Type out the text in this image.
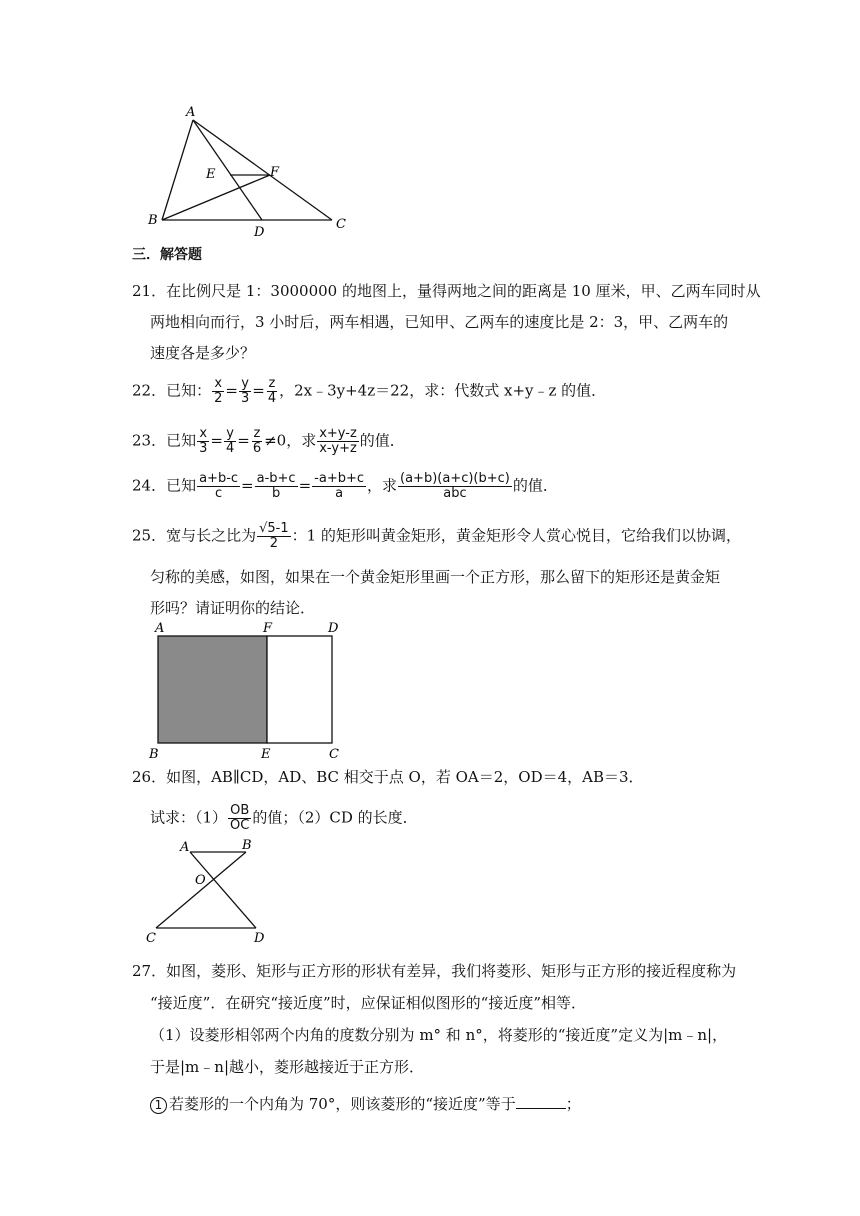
A
B	C
D
E	F
三．解答题
21．在比例尺是 1：3000000 的地图上，量得两地之间的距离是 10 厘米，甲、乙两车同时从
两地相向而行，3 小时后，两车相遇，已知甲、乙两车的速度比是 2：3，甲、乙两车的
速度各是多少？
22．已知： $\frac{x}{2} = \frac{y}{3} = \frac{z}{4}$ ，2x﹣3y+4z＝22，求：代数式 x+y﹣z 的值．
23．已知 $\frac{x}{3} = \frac{y}{4} = \frac{z}{6} \ne 0$，求 $\frac{x+y-z}{x-y+z}$ 的值．
24．已知 $\frac{a+b-c}{c} = \frac{a-b+c}{b} = \frac{-a+b+c}{a}$ ，求 $\frac{(a+b)(a+c)(b+c)}{\text{abc}}$ 的值．
25．宽与长之比为 $\frac{√5-1}{2}$ ：1 的矩形叫黄金矩形，黄金矩形令人赏心悦目，它给我们以协调，
匀称的美感，如图，如果在一个黄金矩形里画一个正方形，那么留下的矩形还是黄金矩
形吗？请证明你的结论．
A	F	D
B	E	C
26．如图，AB∥CD，AD、BC 相交于点 O，若 OA＝2，OD＝4，AB＝3．
试求：$(1) \frac{OB}{OC}$ 的值；（2）CD 的长度．
A	B
O
C	D
27．如图，菱形、矩形与正方形的形状有差异，我们将菱形、矩形与正方形的接近程度称为
“接近度”．在研究“接近度”时，应保证相似图形的“接近度”相等．
（1）设菱形相邻两个内角的度数分别为 m° 和 n°，将菱形的“接近度”定义为|m﹣n|，
于是|m﹣n|越小，菱形越接近于正方形．
1 若菱形的一个内角为 70°，则该菱形的“接近度”等于	；
